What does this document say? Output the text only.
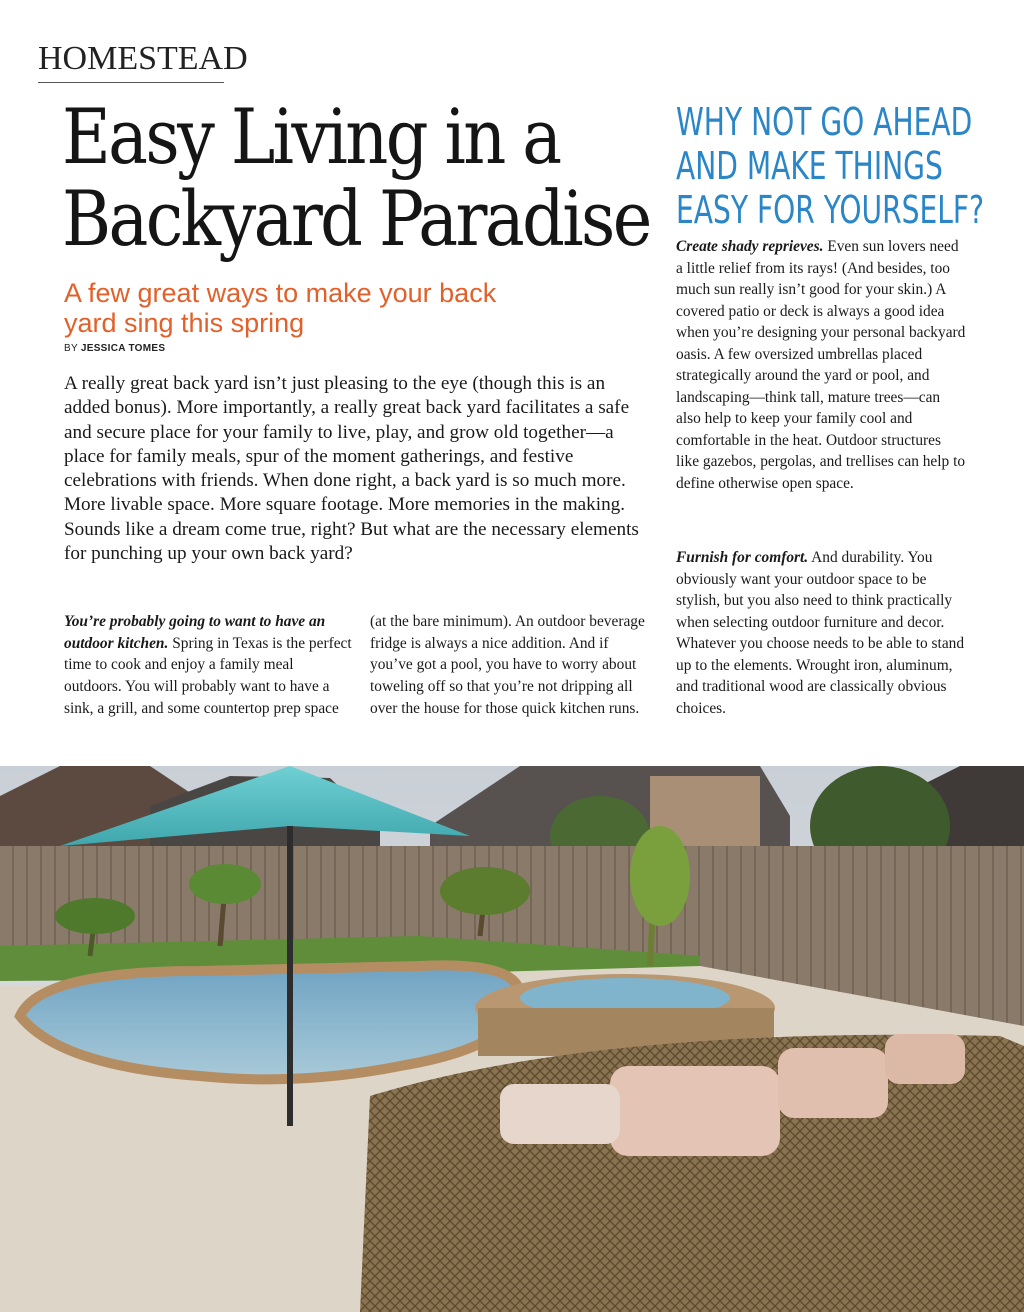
HOMESTEAD
Easy Living in a
Backyard Paradise
A few great ways to make your back
yard sing this spring
BY JESSICA TOMES

A really great back yard isn’t just pleasing to the eye (though this is an added bonus). More importantly, a really great back yard facilitates a safe and secure place for your family to live, play, and grow old together—a place for family meals, spur of the moment gatherings, and festive celebrations with friends. When done right, a back yard is so much more. More livable space. More square footage. More memories in the making. Sounds like a dream come true, right? But what are the necessary elements for punching up your own back yard?

You’re probably going to want to have an outdoor kitchen. Spring in Texas is the perfect time to cook and enjoy a family meal outdoors. You will probably want to have a sink, a grill, and some countertop prep space

(at the bare minimum). An outdoor beverage fridge is always a nice addition. And if you’ve got a pool, you have to worry about toweling off so that you’re not dripping all over the house for those quick kitchen runs.

WHY NOT GO AHEAD
AND MAKE THINGS
EASY FOR YOURSELF?

Create shady reprieves. Even sun lovers need a little relief from its rays! (And besides, too much sun really isn’t good for your skin.) A covered patio or deck is always a good idea when you’re designing your personal backyard oasis. A few oversized umbrellas placed strategically around the yard or pool, and landscaping—think tall, mature trees—can also help to keep your family cool and comfortable in the heat. Outdoor structures like gazebos, pergolas, and trellises can help to define otherwise open space.

Furnish for comfort. And durability. You obviously want your outdoor space to be stylish, but you also need to think practically when selecting outdoor furniture and decor. Whatever you choose needs to be able to stand up to the elements. Wrought iron, aluminum, and traditional wood are classically obvious choices.
